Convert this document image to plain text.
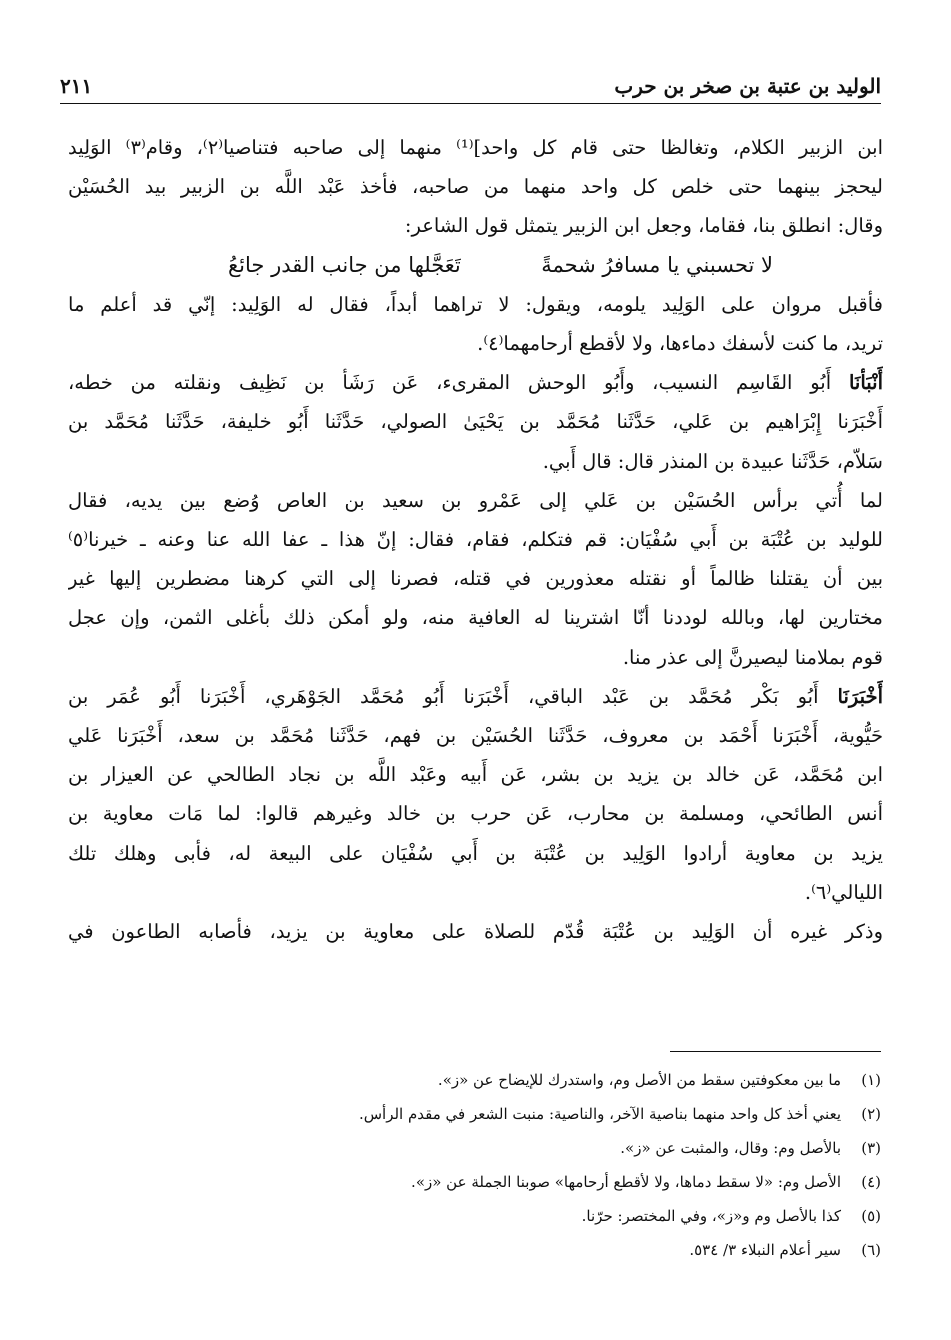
الوليد بن عتبة بن صخر بن حرب
٢١١
ابن الزبير الكلام، وتغالظا حتى قام كل واحد]⁽¹⁾ منهما إلى صاحبه فتناصيا⁽٢⁾، وقام⁽٣⁾ الوَلِيد
ليحجز بينهما حتى خلص كل واحد منهما من صاحبه، فأخذ عَبْد اللَّه بن الزبير بيد الحُسَيْن
وقال: انطلق بنا، فقاما، وجعل ابن الزبير يتمثل قول الشاعر:
لا تحسبني يا مسافرُ شحمةً
تَعَجَّلها من جانب القدر جائعُ
فأقبل مروان على الوَلِيد يلومه، ويقول: لا تراهما أبداً، فقال له الوَلِيد: إنّي قد أعلم ما
تريد، ما كنت لأسفك دماءها، ولا لأقطع أرحامهما⁽٤⁾.
أَنْبَأنَا أَبُو القَاسِم النسيب، وأَبُو الوحش المقرىء، عَن رَشَأ بن نَظِيف ونقلته من خطه،
أَخْبَرَنا إِبْرَاهيم بن عَلي، حَدَّثَنا مُحَمَّد بن يَحْيَىٰ الصولي، حَدَّثَنا أَبُو خليفة، حَدَّثَنا مُحَمَّد بن
سَلاّم، حَدَّثَنا عبيدة بن المنذر قال: قال أَبي.
لما أُتي برأس الحُسَيْن بن عَلي إلى عَمْرو بن سعيد بن العاص وُضع بين يديه، فقال
للوليد بن عُتْبَة بن أَبي سُفْيَان: قم فتكلم، فقام، فقال: إنّ هذا ـ عفا الله عنا وعنه ـ خيرنا⁽٥⁾
بين أن يقتلنا ظالماً أو نقتله معذورين في قتله، فصرنا إلى التي كرهنا مضطرين إليها غير
مختارين لها، وبالله لوددنا أنّا اشترينا له العافية منه، ولو أمكن ذلك بأغلى الثمن، وإن عجل
قوم بملامنا ليصيرنَّ إلى عذر منا.
أَخْبَرَنَا أَبُو بَكْر مُحَمَّد بن عَبْد الباقي، أَخْبَرَنا أَبُو مُحَمَّد الجَوْهَري، أَخْبَرَنا أَبُو عُمَر بن
حَيُّوية، أَخْبَرَنا أَحْمَد بن معروف، حَدَّثَنا الحُسَيْن بن فهم، حَدَّثَنا مُحَمَّد بن سعد، أَخْبَرَنا عَلي
ابن مُحَمَّد، عَن خالد بن يزيد بن بشر، عَن أَبيه وعَبْد اللَّه بن نجاد الطالحي عن العيزار بن
أنس الطائحي، ومسلمة بن محارب، عَن حرب بن خالد وغيرهم قالوا: لما مَات معاوية بن
يزيد بن معاوية أرادوا الوَلِيد بن عُتْبَة بن أَبي سُفْيَان على البيعة له، فأبى وهلك تلك
الليالي⁽٦⁾.
وذكر غيره أن الوَلِيد بن عُتْبَة قُدّم للصلاة على معاوية بن يزيد، فأصابه الطاعون في
(١)
ما بين معكوفتين سقط من الأصل وم، واستدرك للإيضاح عن «ز».
(٢)
يعني أخذ كل واحد منهما بناصية الآخر، والناصية: منبت الشعر في مقدم الرأس.
(٣)
بالأصل وم: وقال، والمثبت عن «ز».
(٤)
الأصل وم: «لا سقط دماها، ولا لأقطع أرحامها» صوبنا الجملة عن «ز».
(٥)
كذا بالأصل وم و«ز»، وفي المختصر: حرّنا.
(٦)
سير أعلام النبلاء ٣/ ٥٣٤.
